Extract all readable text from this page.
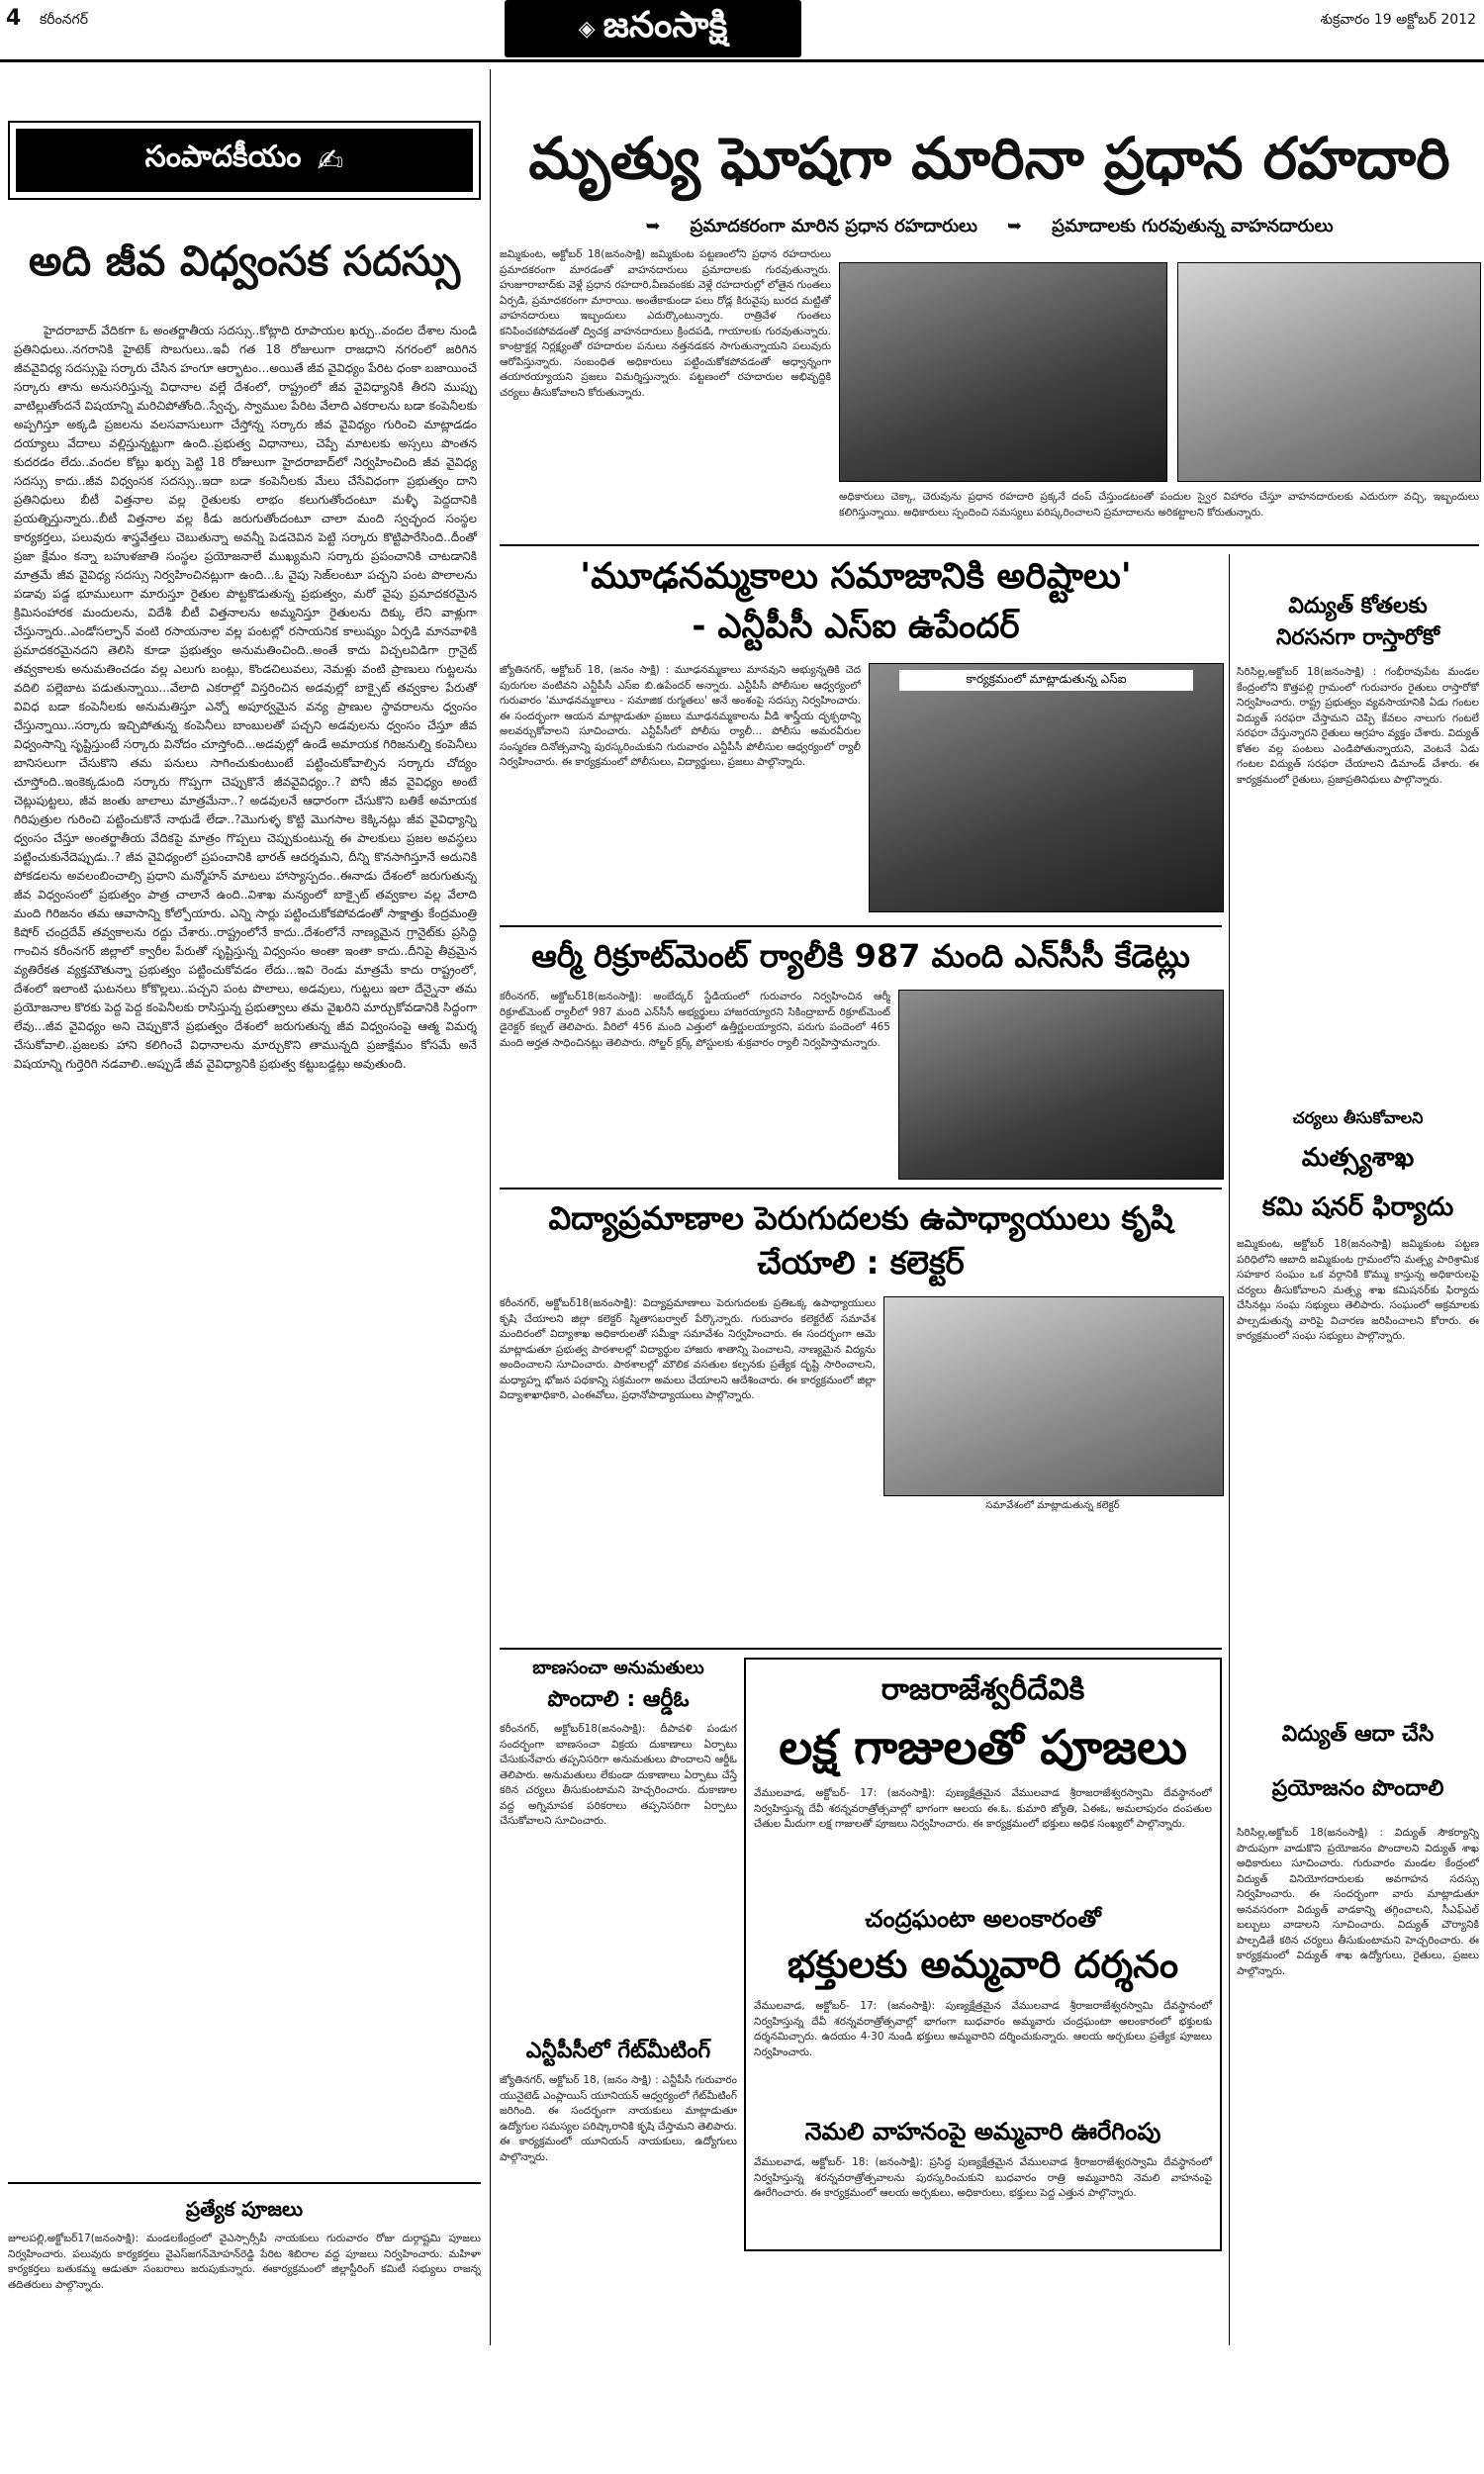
4 కరీంనగర్	◈ జనంసాక్షి	శుక్రవారం 19 అక్టోబర్ 2012
సంపాదకీయం ✍
అది జీవ విధ్వంసక సదస్సు
హైదరాబాద్ వేదికగా ఓ అంతర్జాతీయ సదస్సు..కోట్లాది రూపాయల ఖర్చు..వందల దేశాల నుండి ప్రతినిధులు..నగరానికి హైటెక్ సొబగులు..ఇవీ గత 18 రోజులుగా రాజధాని నగరంలో జరిగిన జీవవైవిధ్య సదస్సుపై సర్కారు చేసిన హంగూ ఆర్భాటం...అయితే జీవ వైవిధ్యం పేరిట ధంకా బజాయించే సర్కారు తాను అనుసరిస్తున్న విధానాల వల్లే దేశంలో, రాష్ట్రంలో జీవ వైవిధ్యానికి తీరని ముప్పు వాటిల్లుతోందనే విషయాన్ని మరిచిపోతోంది..స్వేచ్ఛ, స్వాముల పేరిట వేలాది ఎకరాలను బడా కంపెనీలకు అప్పగిస్తూ అక్కడి ప్రజలను వలసవాసులుగా చేస్తోన్న సర్కారు జీవ వైవిధ్యం గురించి మాట్లాడడం దయ్యాలు వేదాలు వల్లిస్తున్నట్టుగా ఉంది..ప్రభుత్వ విధానాలు, చెప్పే మాటలకు అస్సలు పొంతన కుదరడం లేదు..వందల కోట్లు ఖర్చు పెట్టి 18 రోజులుగా హైదరాబాద్‌లో నిర్వహించింది జీవ వైవిధ్య సదస్సు కాదు..జీవ విధ్వంసక సదస్సు..ఇదా బడా కంపెనీలకు మేలు చేసేవిధంగా ప్రభుత్వం దాని ప్రతినిధులు బీటీ విత్తనాల వల్ల రైతులకు లాభం కలుగుతోందంటూ మళ్ళీ పెద్దదానికి ప్రయత్నిస్తున్నారు..బీటీ విత్తనాల వల్ల కీడు జరుగుతోందంటూ చాలా మంది స్వచ్ఛంద సంస్థల కార్యకర్తలు, పలువురు శాస్త్రవేత్తలు చెబుతున్నా అవన్నీ పెడచెవిన పెట్టి సర్కారు కొట్టిపారేసింది..దీంతో ప్రజా క్షేమం కన్నా బహుళజాతి సంస్థల ప్రయోజనాలే ముఖ్యమని సర్కారు ప్రపంచానికి చాటడానికి మాత్రమే జీవ వైవిధ్య సదస్సు నిర్వహించినట్లుగా ఉంది...ఓ వైపు సెజ్‌లంటూ పచ్చని పంట పొలాలను పడావు పడ్డ భూములుగా మారుస్తూ రైతుల పొట్టకొడుతున్న ప్రభుత్వం, మరో వైపు ప్రమాదకరమైన క్రిమిసంహారక మందులను, విదేశీ బీటీ విత్తనాలను అమ్మనిస్తూ రైతులను దిక్కు లేని వాళ్లుగా చేస్తున్నారు..ఎండోసల్ఫాన్ వంటి రసాయనాల వల్ల పంటల్లో రసాయనిక కాలుష్యం ఏర్పడి మానవాళికి ప్రమాదకరమైనదని తెలిసి కూడా ప్రభుత్వం అనుమతించింది..అంతే కాదు విచ్చలవిడిగా గ్రానైట్ తవ్వకాలకు అనుమతించడం వల్ల ఎలుగు బంట్లు, కొండచిలువలు, నెమళ్లు వంటి ప్రాణులు గుట్టలను వదిలి పల్లెబాట పడుతున్నాయి...వేలాది ఎకరాల్లో విస్తరించిన అడవుల్లో బాక్సైట్ తవ్వకాల పేరుతో వివిధ బడా కంపెనీలకు అనుమతిస్తూ ఎన్నో అపూర్వమైన వన్య ప్రాణుల స్థావరాలను ధ్వంసం చేస్తున్నాయి..సర్కారు ఇచ్చిపోతున్న కంపెనీలు బాంబులతో పచ్చని అడవులను ధ్వంసం చేస్తూ జీవ విధ్వంసాన్ని సృష్టిస్తుంటే సర్కారు వినోదం చూస్తోంది...అడవుల్లో ఉండే అమాయక గిరిజనుల్ని కంపెనీలు బానిసలుగా చేసుకొని తమ పనులు సాగించుకుంటుంటే పట్టించుకోవాల్సిన సర్కారు చోద్యం చూస్తోంది..ఇంకెక్కడుంది సర్కారు గొప్పగా చెప్పుకొనే జీవవైవిధ్యం..? పోనీ జీవ వైవిధ్యం అంటే చెట్లుపుట్టలు, జీవ జంతు జాలాలు మాత్రమేనా..? అడవులనే ఆధారంగా చేసుకొని బతికే అమాయక గిరిపుత్రుల గురించి పట్టించుకొనే నాథుడే లేడా..?మొగుళ్ళ కొట్టి మొగసాల కెక్కినట్లు జీవ వైవిధ్యాన్ని ధ్వంసం చేస్తూ అంతర్జాతీయ వేదికపై మాత్రం గొప్పలు చెప్పుకుంటున్న ఈ పాలకులు ప్రజల అవస్థలు పట్టించుకునేదెప్పుడు..? జీవ వైవిధ్యంలో ప్రపంచానికి భారత్ ఆదర్శమని, దీన్ని కొనసాగిస్తూనే అదునికి పోకడలను అవలంబించాల్సి ప్రధాని మన్మోహన్ మాటలు హాస్యాస్పదం..ఈనాడు దేశంలో జరుగుతున్న జీవ విధ్వంసంలో ప్రభుత్వం పాత్ర చాలానే ఉంది..విశాఖ మన్యంలో బాక్సైట్ తవ్వకాల వల్ల వేలాది మంది గిరిజనం తమ ఆవాసాన్ని కోల్పోయారు. ఎన్ని సార్లు పట్టించుకోకపోవడంతో సాక్షాత్తు కేంద్రమంత్రి కిషోర్ చంద్రదేవ్ తవ్వకాలను రద్దు చేశారు..రాష్ట్రంలోనే కాదు..దేశంలోనే నాణ్యమైన గ్రానైట్‌కు ప్రసిద్ధి గాంచిన కరీంనగర్ జిల్లాలో క్వారీల పేరుతో సృష్టిస్తున్న విధ్వంసం అంతా ఇంతా కాదు..దీనిపై తీవ్రమైన వ్యతిరేకత వ్యక్తమౌతున్నా ప్రభుత్వం పట్టించుకోవడం లేదు...ఇవి రెండు మాత్రమే కాదు రాష్ట్రంలో, దేశంలో ఇలాంటి ఘటనలు కోకొల్లలు..పచ్చని పంట పొలాలు, అడవులు, గుట్టలు ఇలా దేన్నైనా తమ ప్రయోజనాల కొరకు పెద్ద పెద్ద కంపెనీలకు రాసిస్తున్న ప్రభుత్వాలు తమ వైఖరిని మార్చుకోవడానికి సిద్ధంగా లేవు...జీవ వైవిధ్యం అని చెప్పుకొనే ప్రభుత్వం దేశంలో జరుగుతున్న జీవ విధ్వంసంపై ఆత్మ విమర్శ చేసుకోవాలి..ప్రజలకు హాని కలిగించే విధానాలను మార్చుకొని తామున్నది ప్రజాక్షేమం కోసమే అనే విషయాన్ని గుర్తెరిగి నడవాలి..అప్పుడే జీవ వైవిధ్యానికి ప్రభుత్వ కట్టుబడ్డట్లు అవుతుంది.
ప్రత్యేక పూజలు
జూలపల్లి,అక్టోబర్17(జనంసాక్షి): మండలకేంద్రంలో వైఎస్సార్సీపీ నాయకులు గురువారం రోజు దుర్గాష్టమి పూజలు నిర్వహించారు. పలువురు కార్యకర్తలు వైఎస్‌జగన్‌మోహన్‌రెడ్డి పేరిట శిబిరాల వద్ద పూజలు నిర్వహించారు. మహిళా కార్యకర్తలు బతుకమ్మ ఆడుతూ సంబరాలు జరుపుకున్నారు. ఈకార్యక్రమంలో జిల్లాస్టీరింగ్ కమిటీ సభ్యులు రాజన్న తదితరులు పాల్గొన్నారు.
మృత్యు ఘోషగా మారినా ప్రధాన రహదారి
➥ ప్రమాదకరంగా మారిన ప్రధాన రహదారులు ➥ ప్రమాదాలకు గురవుతున్న వాహనదారులు
జమ్మికుంట, అక్టోబర్ 18(జనంసాక్షి) జమ్మికుంట పట్టణంలోని ప్రధాన రహదారులు ప్రమాదకరంగా మారడంతో వాహనదారులు ప్రమాదాలకు గురవుతున్నారు. హుజూరాబాద్‌కు వెళ్లే ప్రధాన రహదారి,వీణవంకకు వెళ్లే రహదారుల్లో లోతైన గుంతలు ఏర్పడి, ప్రమాదకరంగా మారాయి. అంతేకాకుండా పలు రోడ్ల కిరువైపు బురద మట్టితో వాహనదారులు ఇబ్బందులు ఎదుర్కొంటున్నారు. రాత్రివేళ గుంతలు కనిపించకపోవడంతో ద్విచక్ర వాహనదారులు క్రిందపడి, గాయాలకు గురవుతున్నారు. కాంట్రాక్టర్ల నిర్లక్ష్యంతో రహదారుల పనులు నత్తనడకన సాగుతున్నాయని పలువురు ఆరోపిస్తున్నారు. సంబంధిత అధికారులు పట్టించుకోకపోవడంతో అధ్వాన్నంగా తయారయ్యాయని ప్రజలు విమర్శిస్తున్నారు. పట్టణంలో రహదారుల అభివృద్ధికి చర్యలు తీసుకోవాలని కోరుతున్నారు.
అధికారులు చెక్కా, చెరువును ప్రధాన రహదారి ప్రక్కనే దంప్ చేస్తుండటంతో పందుల స్వైర విహారం చేస్తూ వాహనదారులకు ఎదురుగా వచ్చి, ఇబ్బందులు కలిగిస్తున్నాయి. అధికారులు స్పందించి సమస్యలు పరిష్కరించాలని ప్రమాదాలను అరికట్టాలని కోరుతున్నారు.
'మూఢనమ్మకాలు సమాజానికి అరిష్టాలు'
- ఎన్టీపీసీ ఎస్ఐ ఉపేందర్
జ్యోతినగర్, అక్టోబర్ 18, (జనం సాక్షి) : మూఢనమ్మకాలు మానవుని అభ్యున్నతికి చెద పురుగుల వంటివని ఎన్టీపీసీ ఎస్ఐ బి.ఉపేందర్ అన్నారు. ఎన్టీపీసీ పోలీసుల ఆధ్వర్యంలో గురువారం 'మూఢనమ్మకాలు - సమాజిక రుగ్మతలు' అనే అంశంపై సదస్సు నిర్వహించారు. ఈ సందర్భంగా ఆయన మాట్లాడుతూ ప్రజలు మూఢనమ్మకాలను వీడి శాస్త్రీయ దృక్పథాన్ని అలవర్చుకోవాలని సూచించారు. ఎన్టీపీసీలో పోలీసు ర్యాలీ... పోలీసు అమరవీరుల సంస్మరణ దినోత్సవాన్ని పురస్కరించుకుని గురువారం ఎన్టీపీసీ పోలీసుల ఆధ్వర్యంలో ర్యాలీ నిర్వహించారు. ఈ కార్యక్రమంలో పోలీసులు, విద్యార్థులు, ప్రజలు పాల్గొన్నారు.
కార్యక్రమంలో మాట్లాడుతున్న ఎస్ఐ
ఆర్మీ రిక్రూట్‌మెంట్ ర్యాలీకి 987 మంది ఎన్‌సీసీ కేడెట్లు
కరీంనగర్, అక్టోబర్18(జనంసాక్షి): అంబేద్కర్ స్టేడియంలో గురువారం నిర్వహించిన ఆర్మీ రిక్రూట్‌మెంట్ ర్యాలీలో 987 మంది ఎన్‌సీసీ అభ్యర్థులు హాజరయ్యారని సికింద్రాబాద్ రిక్రూట్‌మెంట్ డైరెక్టర్ కల్నల్ తెలిపారు. వీరిలో 456 మంది ఎత్తులో ఉత్తీర్ణులయ్యారని, పరుగు పందెంలో 465 మంది అర్హత సాధించినట్లు తెలిపారు. సోల్జర్ క్లర్క్ పోస్టులకు శుక్రవారం ర్యాలీ నిర్వహిస్తామన్నారు.
విద్యాప్రమాణాల పెరుగుదలకు ఉపాధ్యాయులు కృషి
చేయాలి : కలెక్టర్
కరీంనగర్, అక్టోబర్18(జనంసాక్షి): విద్యాప్రమాణాలు పెరుగుదలకు ప్రతిఒక్క ఉపాధ్యాయులు కృషి చేయాలని జిల్లా కలెక్టర్ స్మితాసబర్వాల్ పేర్కొన్నారు. గురువారం కలెక్టరేట్ సమావేశ మందిరంలో విద్యాశాఖ అధికారులతో సమీక్షా సమావేశం నిర్వహించారు. ఈ సందర్భంగా ఆమె మాట్లాడుతూ ప్రభుత్వ పాఠశాలల్లో విద్యార్థుల హాజరు శాతాన్ని పెంచాలని, నాణ్యమైన విద్యను అందించాలని సూచించారు. పాఠశాలల్లో మౌలిక వసతుల కల్పనకు ప్రత్యేక దృష్టి సారించాలని, మధ్యాహ్న భోజన పథకాన్ని సక్రమంగా అమలు చేయాలని ఆదేశించారు. ఈ కార్యక్రమంలో జిల్లా విద్యాశాఖాధికారి, ఎంఈవోలు, ప్రధానోపాధ్యాయులు పాల్గొన్నారు.
సమావేశంలో మాట్లాడుతున్న కలెక్టర్
బాణసంచా అనుమతులు
పొందాలి : ఆర్డీఓ
కరీంనగర్, అక్టోబర్18(జనంసాక్షి): దీపావళి పండుగ సందర్భంగా బాణసంచా విక్రయ దుకాణాలు ఏర్పాటు చేసుకునేవారు తప్పనిసరిగా అనుమతులు పొందాలని ఆర్డీఓ తెలిపారు. అనుమతులు లేకుండా దుకాణాలు ఏర్పాటు చేస్తే కఠిన చర్యలు తీసుకుంటామని హెచ్చరించారు. దుకాణాల వద్ద అగ్నిమాపక పరికరాలు తప్పనిసరిగా ఏర్పాటు చేసుకోవాలని సూచించారు.
ఎన్టీపీసీలో గేట్‌మీటింగ్
జ్యోతినగర్, అక్టోబర్ 18, (జనం సాక్షి) : ఎన్టీపీసీ గురువారం యునైటెడ్ ఎంప్లాయిస్ యూనియన్ ఆధ్వర్యంలో గేట్‌మీటింగ్ జరిగింది. ఈ సందర్భంగా నాయకులు మాట్లాడుతూ ఉద్యోగుల సమస్యల పరిష్కారానికి కృషి చేస్తామని తెలిపారు. ఈ కార్యక్రమంలో యూనియన్ నాయకులు, ఉద్యోగులు పాల్గొన్నారు.
రాజరాజేశ్వరీదేవికి
లక్ష గాజులతో పూజలు
వేములవాడ, అక్టోబర్- 17: (జనంసాక్షి): పుణ్యక్షేత్రమైన వేములవాడ శ్రీరాజరాజేశ్వరస్వామి దేవస్థానంలో నిర్వహిస్తున్న దేవీ శరన్నవరాత్రోత్సవాల్లో భాగంగా ఆలయ ఈ.ఓ. కుమారి జ్యోతి, ఏఈఓ, అమలాపురం దంపతుల చేతుల మీదుగా లక్ష గాజులతో పూజలు నిర్వహించారు. ఈ కార్యక్రమంలో భక్తులు అధిక సంఖ్యలో పాల్గొన్నారు.
చంద్రఘంటా అలంకారంతో
భక్తులకు అమ్మవారి దర్శనం
వేములవాడ, అక్టోబర్- 17: (జనంసాక్షి): పుణ్యక్షేత్రమైన వేములవాడ శ్రీరాజరాజేశ్వరస్వామి దేవస్థానంలో నిర్వహిస్తున్న దేవీ శరన్నవరాత్రోత్సవాల్లో భాగంగా బుధవారం అమ్మవారు చంద్రఘంటా అలంకారంలో భక్తులకు దర్శనమిచ్చారు. ఉదయం 4-30 నుండి భక్తులు అమ్మవారిని దర్శించుకున్నారు. ఆలయ అర్చకులు ప్రత్యేక పూజలు నిర్వహించారు.
నెమలి వాహనంపై అమ్మవారి ఊరేగింపు
వేములవాడ, అక్టోబర్- 18: (జనంసాక్షి): ప్రసిద్ధ పుణ్యక్షేత్రమైన వేములవాడ శ్రీరాజరాజేశ్వరస్వామి దేవస్థానంలో నిర్వహిస్తున్న శరన్నవరాత్రోత్సవాలను పురస్కరించుకుని బుధవారం రాత్రి అమ్మవారిని నెమలి వాహనంపై ఊరేగించారు. ఈ కార్యక్రమంలో ఆలయ అర్చకులు, అధికారులు, భక్తులు పెద్ద ఎత్తున పాల్గొన్నారు.
విద్యుత్ కోతలకు
నిరసనగా రాస్తారోకో
సిరిసిల్ల,అక్టోబర్ 18(జనంసాక్షి) : గంభీరావుపేట మండల కేంద్రంలోని కొత్తపల్లి గ్రామంలో గురువారం రైతులు రాస్తారోకో నిర్వహించారు. రాష్ట్ర ప్రభుత్వం వ్యవసాయానికి ఏడు గంటల విద్యుత్ సరఫరా చేస్తామని చెప్పి కేవలం నాలుగు గంటలే సరఫరా చేస్తున్నారని రైతులు ఆగ్రహం వ్యక్తం చేశారు. విద్యుత్ కోతల వల్ల పంటలు ఎండిపోతున్నాయని, వెంటనే ఏడు గంటల విద్యుత్ సరఫరా చేయాలని డిమాండ్ చేశారు. ఈ కార్యక్రమంలో రైతులు, ప్రజాప్రతినిధులు పాల్గొన్నారు.
చర్యలు తీసుకోవాలని
మత్స్యశాఖ
కమి షనర్ ఫిర్యాదు
జమ్మికుంట, అక్టోబర్ 18(జనంసాక్షి) జమ్మికుంట పట్టణ పరిధిలోని ఆబాది జమ్మికుంట గ్రామంలోని మత్స్య పారిశ్రామిక సహకార సంఘం ఒక వర్గానికి కొమ్ము కాస్తున్న అధికారులపై చర్యలు తీసుకోవాలని మత్స్య శాఖ కమిషనర్‌కు ఫిర్యాదు చేసినట్లు సంఘ సభ్యులు తెలిపారు. సంఘంలో అక్రమాలకు పాల్పడుతున్న వారిపై విచారణ జరిపించాలని కోరారు. ఈ కార్యక్రమంలో సంఘ సభ్యులు పాల్గొన్నారు.
విద్యుత్ ఆదా చేసి
ప్రయోజనం పొందాలి
సిరిసిల్ల,అక్టోబర్ 18(జనంసాక్షి) : విద్యుత్ సౌకర్యాన్ని పొదుపుగా వాడుకొని ప్రయోజనం పొందాలని విద్యుత్ శాఖ అధికారులు సూచించారు. గురువారం మండల కేంద్రంలో విద్యుత్ వినియోగదారులకు అవగాహన సదస్సు నిర్వహించారు. ఈ సందర్భంగా వారు మాట్లాడుతూ అనవసరంగా విద్యుత్ వాడకాన్ని తగ్గించాలని, సీఎఫ్ఎల్ బల్బులు వాడాలని సూచించారు. విద్యుత్ చౌర్యానికి పాల్పడితే కఠిన చర్యలు తీసుకుంటామని హెచ్చరించారు. ఈ కార్యక్రమంలో విద్యుత్ శాఖ ఉద్యోగులు, రైతులు, ప్రజలు పాల్గొన్నారు.
